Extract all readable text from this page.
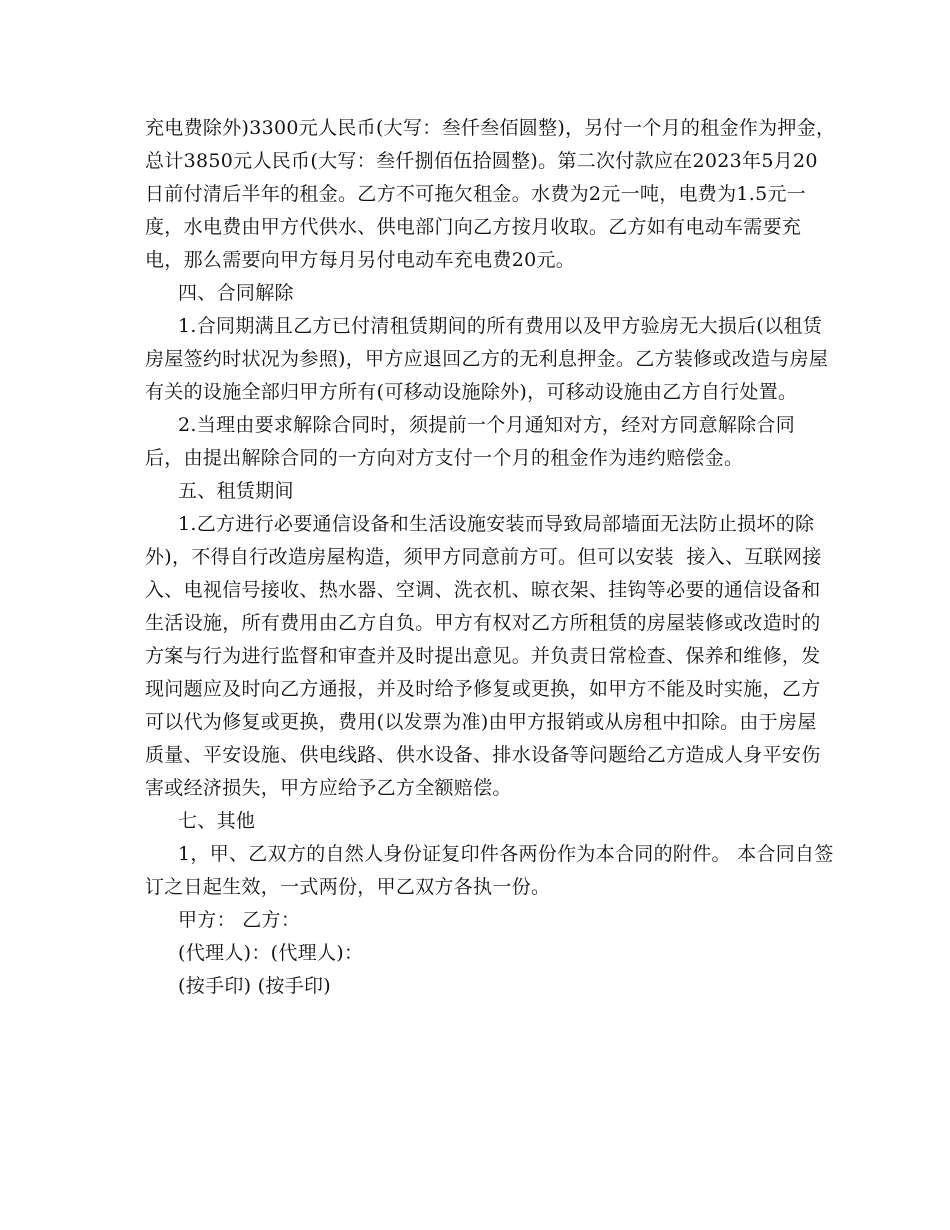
充电费除外)3300元人民币(大写：叁仟叁佰圆整)，另付一个月的租金作为押金，
总计3850元人民币(大写：叁仟捌佰伍拾圆整)。第二次付款应在2023年5月20
日前付清后半年的租金。乙方不可拖欠租金。水费为2元一吨，电费为1.5元一
度，水电费由甲方代供水、供电部门向乙方按月收取。乙方如有电动车需要充
电，那么需要向甲方每月另付电动车充电费20元。
四、合同解除
1.合同期满且乙方已付清租赁期间的所有费用以及甲方验房无大损后(以租赁
房屋签约时状况为参照)，甲方应退回乙方的无利息押金。乙方装修或改造与房屋
有关的设施全部归甲方所有(可移动设施除外)，可移动设施由乙方自行处置。
2.当理由要求解除合同时，须提前一个月通知对方，经对方同意解除合同
后，由提出解除合同的一方向对方支付一个月的租金作为违约赔偿金。
五、租赁期间
1.乙方进行必要通信设备和生活设施安装而导致局部墙面无法防止损坏的除
外)，不得自行改造房屋构造，须甲方同意前方可。但可以安装  接入、互联网接
入、电视信号接收、热水器、空调、洗衣机、晾衣架、挂钩等必要的通信设备和
生活设施，所有费用由乙方自负。甲方有权对乙方所租赁的房屋装修或改造时的
方案与行为进行监督和审查并及时提出意见。并负责日常检查、保养和维修，发
现问题应及时向乙方通报，并及时给予修复或更换，如甲方不能及时实施，乙方
可以代为修复或更换，费用(以发票为准)由甲方报销或从房租中扣除。由于房屋
质量、平安设施、供电线路、供水设备、排水设备等问题给乙方造成人身平安伤
害或经济损失，甲方应给予乙方全额赔偿。
七、其他
1，甲、乙双方的自然人身份证复印件各两份作为本合同的附件。 本合同自签
订之日起生效，一式两份，甲乙双方各执一份。
甲方： 乙方：
(代理人)：(代理人)：
(按手印) (按手印)
